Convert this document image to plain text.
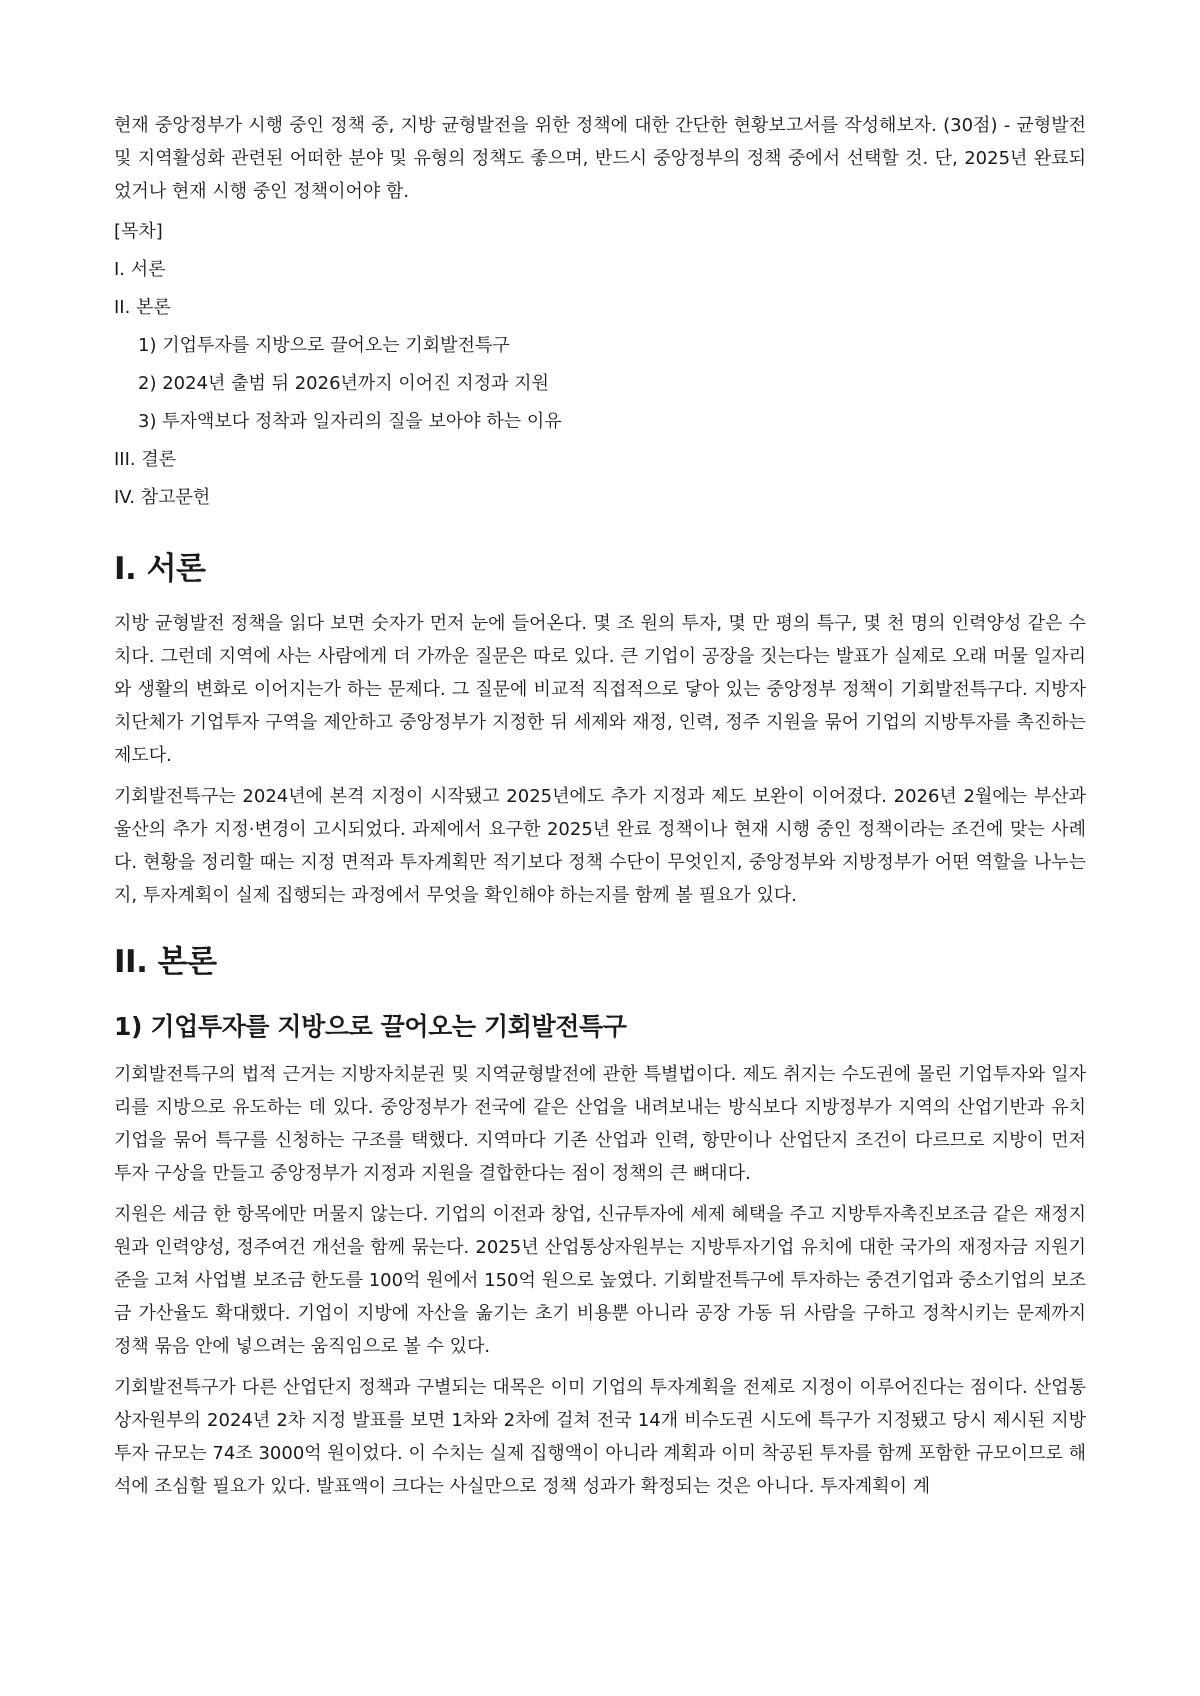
현재 중앙정부가 시행 중인 정책 중, 지방 균형발전을 위한 정책에 대한 간단한 현황보고서를 작성해보자. (30점) - 균형발전 및 지역활성화 관련된 어떠한 분야 및 유형의 정책도 좋으며, 반드시 중앙정부의 정책 중에서 선택할 것. 단, 2025년 완료되었거나 현재 시행 중인 정책이어야 함.

[목차]
I. 서론
II. 본론
1) 기업투자를 지방으로 끌어오는 기회발전특구
2) 2024년 출범 뒤 2026년까지 이어진 지정과 지원
3) 투자액보다 정착과 일자리의 질을 보아야 하는 이유
III. 결론
IV. 참고문헌
I. 서론

지방 균형발전 정책을 읽다 보면 숫자가 먼저 눈에 들어온다. 몇 조 원의 투자, 몇 만 평의 특구, 몇 천 명의 인력양성 같은 수치다. 그런데 지역에 사는 사람에게 더 가까운 질문은 따로 있다. 큰 기업이 공장을 짓는다는 발표가 실제로 오래 머물 일자리와 생활의 변화로 이어지는가 하는 문제다. 그 질문에 비교적 직접적으로 닿아 있는 중앙정부 정책이 기회발전특구다. 지방자치단체가 기업투자 구역을 제안하고 중앙정부가 지정한 뒤 세제와 재정, 인력, 정주 지원을 묶어 기업의 지방투자를 촉진하는 제도다.

기회발전특구는 2024년에 본격 지정이 시작됐고 2025년에도 추가 지정과 제도 보완이 이어졌다. 2026년 2월에는 부산과 울산의 추가 지정·변경이 고시되었다. 과제에서 요구한 2025년 완료 정책이나 현재 시행 중인 정책이라는 조건에 맞는 사례다. 현황을 정리할 때는 지정 면적과 투자계획만 적기보다 정책 수단이 무엇인지, 중앙정부와 지방정부가 어떤 역할을 나누는지, 투자계획이 실제 집행되는 과정에서 무엇을 확인해야 하는지를 함께 볼 필요가 있다.

II. 본론
1) 기업투자를 지방으로 끌어오는 기회발전특구

기회발전특구의 법적 근거는 지방자치분권 및 지역균형발전에 관한 특별법이다. 제도 취지는 수도권에 몰린 기업투자와 일자리를 지방으로 유도하는 데 있다. 중앙정부가 전국에 같은 산업을 내려보내는 방식보다 지방정부가 지역의 산업기반과 유치 기업을 묶어 특구를 신청하는 구조를 택했다. 지역마다 기존 산업과 인력, 항만이나 산업단지 조건이 다르므로 지방이 먼저 투자 구상을 만들고 중앙정부가 지정과 지원을 결합한다는 점이 정책의 큰 뼈대다.

지원은 세금 한 항목에만 머물지 않는다. 기업의 이전과 창업, 신규투자에 세제 혜택을 주고 지방투자촉진보조금 같은 재정지원과 인력양성, 정주여건 개선을 함께 묶는다. 2025년 산업통상자원부는 지방투자기업 유치에 대한 국가의 재정자금 지원기준을 고쳐 사업별 보조금 한도를 100억 원에서 150억 원으로 높였다. 기회발전특구에 투자하는 중견기업과 중소기업의 보조금 가산율도 확대했다. 기업이 지방에 자산을 옮기는 초기 비용뿐 아니라 공장 가동 뒤 사람을 구하고 정착시키는 문제까지 정책 묶음 안에 넣으려는 움직임으로 볼 수 있다.

기회발전특구가 다른 산업단지 정책과 구별되는 대목은 이미 기업의 투자계획을 전제로 지정이 이루어진다는 점이다. 산업통상자원부의 2024년 2차 지정 발표를 보면 1차와 2차에 걸쳐 전국 14개 비수도권 시도에 특구가 지정됐고 당시 제시된 지방투자 규모는 74조 3000억 원이었다. 이 수치는 실제 집행액이 아니라 계획과 이미 착공된 투자를 함께 포함한 규모이므로 해석에 조심할 필요가 있다. 발표액이 크다는 사실만으로 정책 성과가 확정되는 것은 아니다. 투자계획이 계
